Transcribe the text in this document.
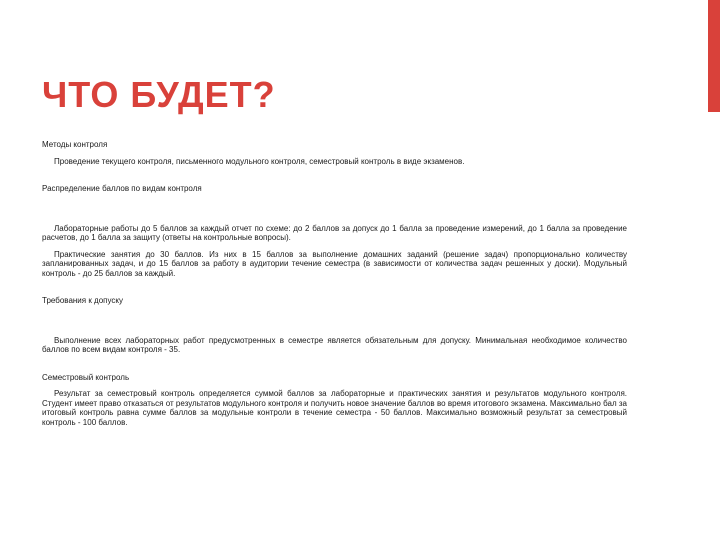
ЧТО БУДЕТ?

Методы контроля

Проведение текущего контроля, письменного модульного контроля, семестровый контроль в виде экзаменов.

Распределение баллов по видам контроля

Лабораторные работы до 5 баллов за каждый отчет по схеме: до 2 баллов за допуск до 1 балла за проведение измерений, до 1 балла за проведение расчетов, до 1 балла за защиту (ответы на контрольные вопросы).

Практические занятия до 30 баллов. Из них в 15 баллов за выполнение домашних заданий (решение задач) пропорционально количеству запланированных задач, и до 15 баллов за работу в аудитории течение семестра (в зависимости от количества задач решенных у доски). Модульный контроль - до 25 баллов за каждый.

Требования к допуску

Выполнение всех лабораторных работ предусмотренных в семестре является обязательным для допуску. Минимальная необходимое количество баллов по всем видам контроля - 35.

Семестровый контроль

Результат за семестровый контроль определяется суммой баллов за лабораторные и практических занятия и результатов модульного контроля. Студент имеет право отказаться от результатов модульного контроля и получить новое значение баллов во время итогового экзамена. Максимально бал за итоговый контроль равна сумме баллов за модульные контроли в течение семестра - 50 баллов. Максимально возможный результат за семестровый контроль - 100 баллов.
